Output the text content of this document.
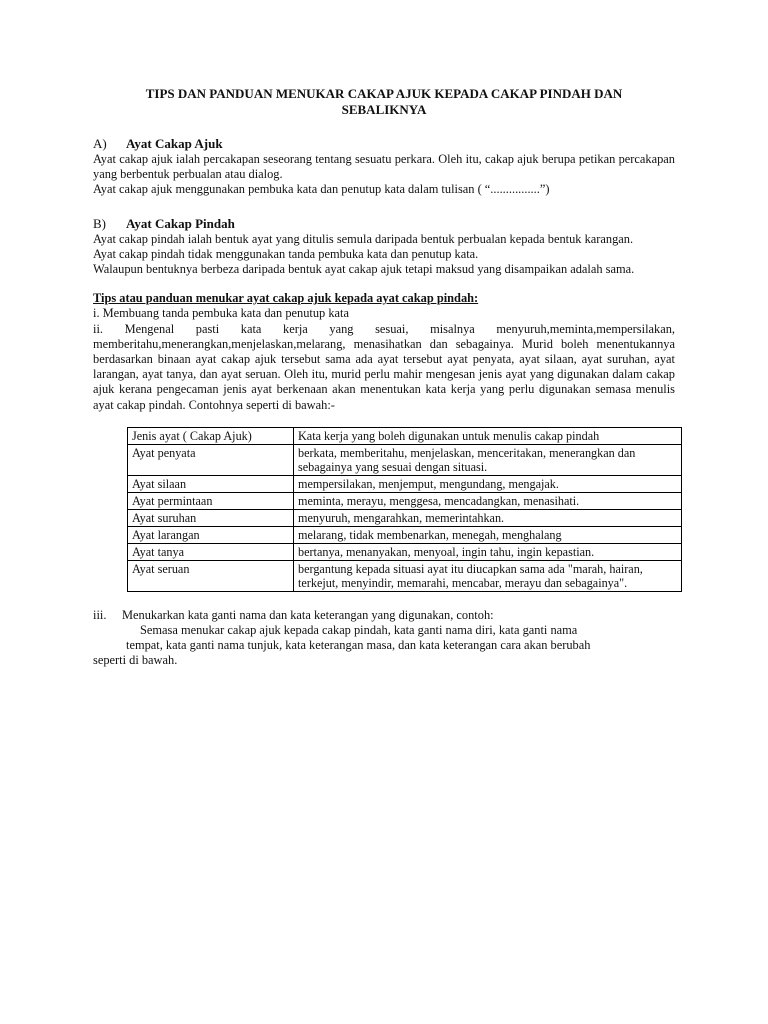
TIPS DAN PANDUAN MENUKAR CAKAP AJUK KEPADA CAKAP PINDAH DAN SEBALIKNYA
A)	Ayat Cakap Ajuk

Ayat cakap ajuk ialah percakapan seseorang tentang sesuatu perkara. Oleh itu, cakap ajuk berupa petikan percakapan yang berbentuk perbualan atau dialog.

Ayat cakap ajuk menggunakan pembuka kata dan penutup kata dalam tulisan ( “................”)

B)	Ayat Cakap Pindah

Ayat cakap pindah ialah bentuk ayat yang ditulis semula daripada bentuk perbualan kepada bentuk karangan.

Ayat cakap pindah tidak menggunakan tanda pembuka kata dan penutup kata.

Walaupun bentuknya berbeza daripada bentuk ayat cakap ajuk tetapi maksud yang disampaikan adalah sama.

Tips atau panduan menukar ayat cakap ajuk kepada ayat cakap pindah:

i. Membuang tanda pembuka kata dan penutup kata

ii. Mengenal pasti kata kerja yang sesuai, misalnya menyuruh,meminta,mempersilakan, memberitahu,menerangkan,menjelaskan,melarang, menasihatkan dan sebagainya. Murid boleh menentukannya berdasarkan binaan ayat cakap ajuk tersebut sama ada ayat tersebut ayat penyata, ayat silaan, ayat suruhan, ayat larangan, ayat tanya, dan ayat seruan. Oleh itu, murid perlu mahir mengesan jenis ayat yang digunakan dalam cakap ajuk kerana pengecaman jenis ayat berkenaan akan menentukan kata kerja yang perlu digunakan semasa menulis ayat cakap pindah. Contohnya seperti di bawah:-

Jenis ayat ( Cakap Ajuk)	Kata kerja yang boleh digunakan untuk menulis cakap pindah
Ayat penyata	berkata, memberitahu, menjelaskan, menceritakan, menerangkan dan sebagainya yang sesuai dengan situasi.
Ayat silaan	mempersilakan, menjemput, mengundang, mengajak.
Ayat permintaan	meminta, merayu, menggesa, mencadangkan, menasihati.
Ayat suruhan	menyuruh, mengarahkan, memerintahkan.
Ayat larangan	melarang, tidak membenarkan, menegah, menghalang
Ayat tanya	bertanya, menanyakan, menyoal, ingin tahu, ingin kepastian.
Ayat seruan	bergantung kepada situasi ayat itu diucapkan sama ada "marah, hairan, terkejut, menyindir, memarahi, mencabar, merayu dan sebagainya".
iii.	Menukarkan kata ganti nama dan kata keterangan yang digunakan, contoh:

Semasa menukar cakap ajuk kepada cakap pindah, kata ganti nama diri, kata ganti nama

tempat, kata ganti nama tunjuk, kata keterangan masa, dan kata keterangan cara akan berubah

seperti di bawah.
